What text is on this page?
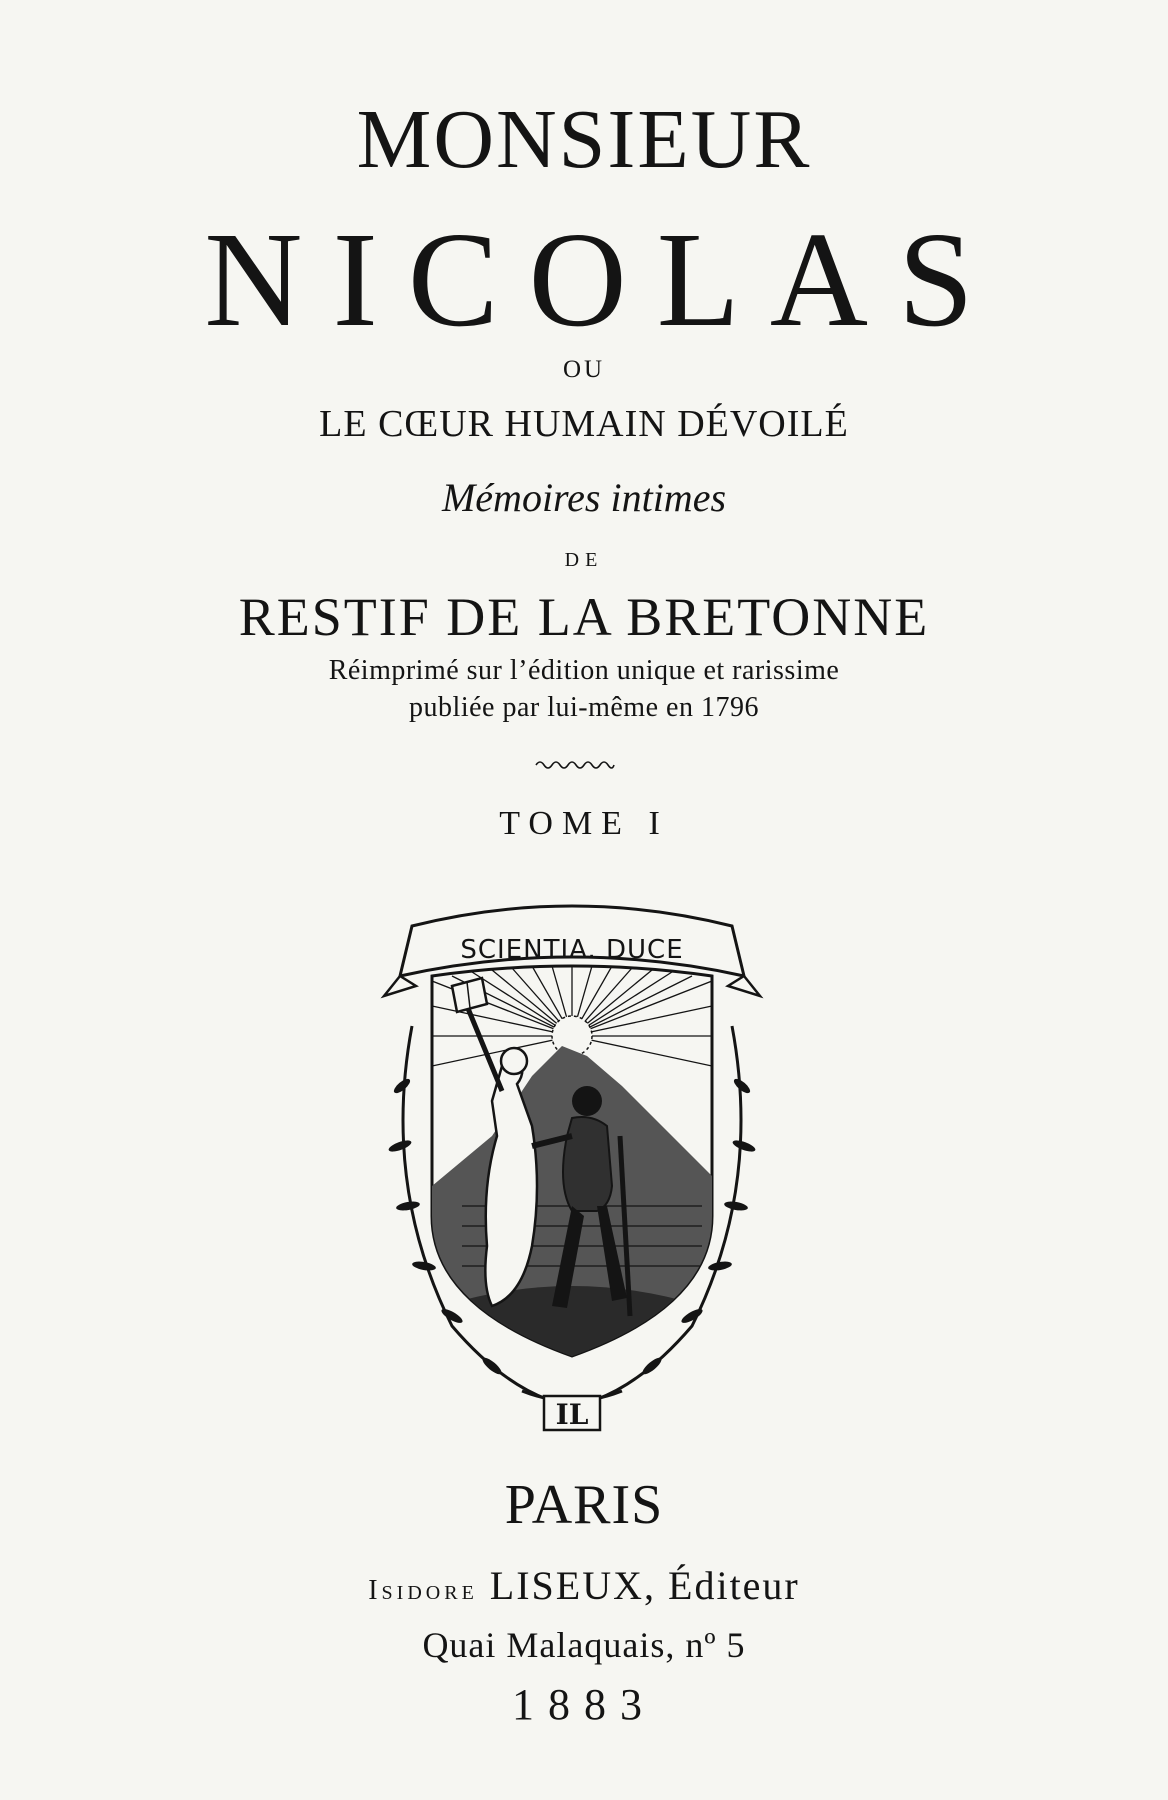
MONSIEUR
NICOLAS
OU
LE CŒUR HUMAIN DÉVOILÉ
Mémoires intimes
DE
RESTIF DE LA BRETONNE
Réimprimé sur l’édition unique et rarissime
publiée par lui-même en 1796
TOME I
SCIENTIA. DUCE
IL
PARIS
Isidore LISEUX, Éditeur
Quai Malaquais, nº 5
1883
